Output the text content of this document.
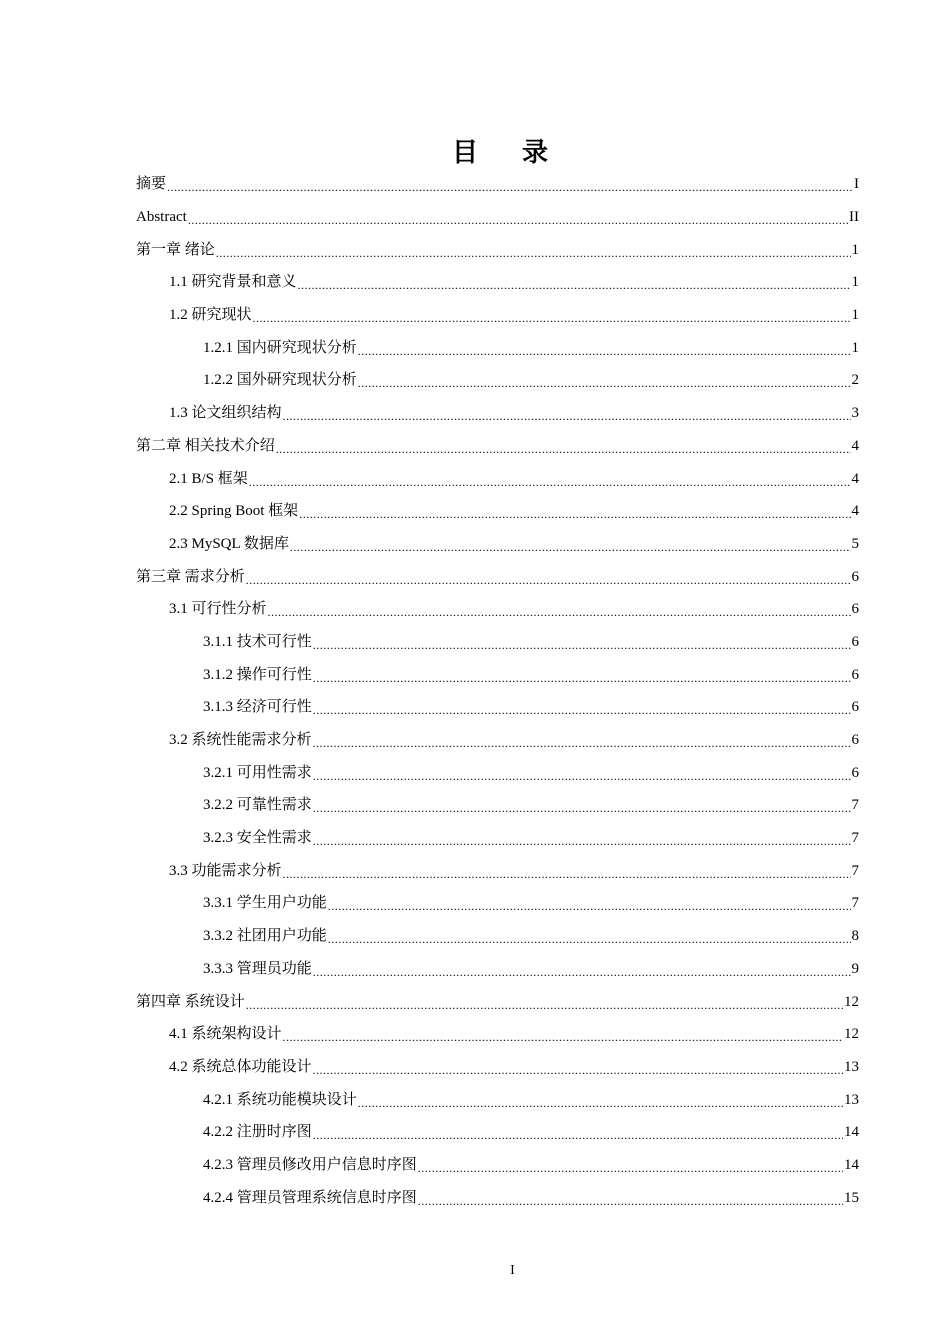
目 录
摘要 .....	I
Abstract .....	II
第一章 绪论 .....	1
1.1 研究背景和意义 .....	1
1.2 研究现状 .....	1
1.2.1 国内研究现状分析 .....	1
1.2.2 国外研究现状分析 .....	2
1.3 论文组织结构 .....	3
第二章 相关技术介绍 .....	4
2.1 B/S 框架 .....	4
2.2 Spring Boot 框架 .....	4
2.3 MySQL 数据库 .....	5
第三章 需求分析 .....	6
3.1 可行性分析 .....	6
3.1.1 技术可行性 .....	6
3.1.2 操作可行性 .....	6
3.1.3 经济可行性 .....	6
3.2 系统性能需求分析 .....	6
3.2.1 可用性需求 .....	6
3.2.2 可靠性需求 .....	7
3.2.3 安全性需求 .....	7
3.3 功能需求分析 .....	7
3.3.1 学生用户功能 .....	7
3.3.2 社团用户功能 .....	8
3.3.3 管理员功能 .....	9
第四章 系统设计 .....	12
4.1 系统架构设计 .....	12
4.2 系统总体功能设计 .....	13
4.2.1 系统功能模块设计 .....	13
4.2.2 注册时序图 .....	14
4.2.3 管理员修改用户信息时序图 .....	14
4.2.4 管理员管理系统信息时序图 .....	15
I
